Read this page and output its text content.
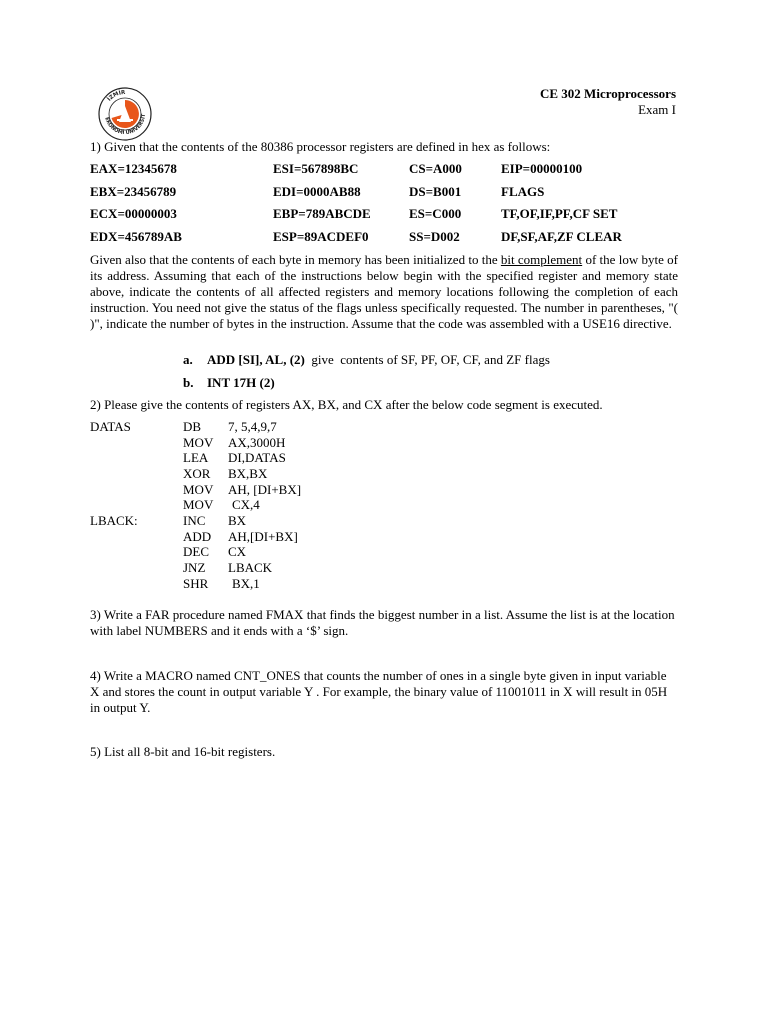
İZMİR
EKONOMİ ÜNİVERSİT
CE 302 Microprocessors
Exam I
1) Given that the contents of the 80386 processor registers are defined in hex as follows:
EAX=12345678	ESI=567898BC	CS=A000	EIP=00000100
EBX=23456789	EDI=0000AB88	DS=B001	FLAGS
ECX=00000003	EBP=789ABCDE	ES=C000	TF,OF,IF,PF,CF SET
EDX=456789AB	ESP=89ACDEF0	SS=D002	DF,SF,AF,ZF CLEAR
Given also that the contents of each byte in memory has been initialized to the bit complement of the low byte of its address. Assuming that each of the instructions below begin with the specified register and memory state above, indicate the contents of all affected registers and memory locations following the completion of each instruction. You need not give the status of the flags unless specifically requested. The number in parentheses, "( )", indicate the number of bytes in the instruction. Assume that the code was assembled with a USE16 directive.
a. ADD [SI], AL, (2)  give  contents of SF, PF, OF, CF, and ZF flags
b. INT 17H (2)
2) Please give the contents of registers AX, BX, and CX after the below code segment is executed.
DATAS	DB 7, 5,4,9,7
MOV AX,3000H
LEA DI,DATAS
XOR BX,BX
MOV AH, [DI+BX]
MOV CX,4
LBACK:	INC BX
ADD AH,[DI+BX]
DEC CX
JNZ LBACK
SHR BX,1
3) Write a FAR procedure named FMAX that finds the biggest number in a list. Assume the list is at the location with label NUMBERS and it ends with a ‘$’ sign.
4) Write a MACRO named CNT_ONES that counts the number of ones in a single byte given in input variable X and stores the count in output variable Y . For example, the binary value of 11001011 in X will result in 05H in output Y.
5) List all 8-bit and 16-bit registers.
